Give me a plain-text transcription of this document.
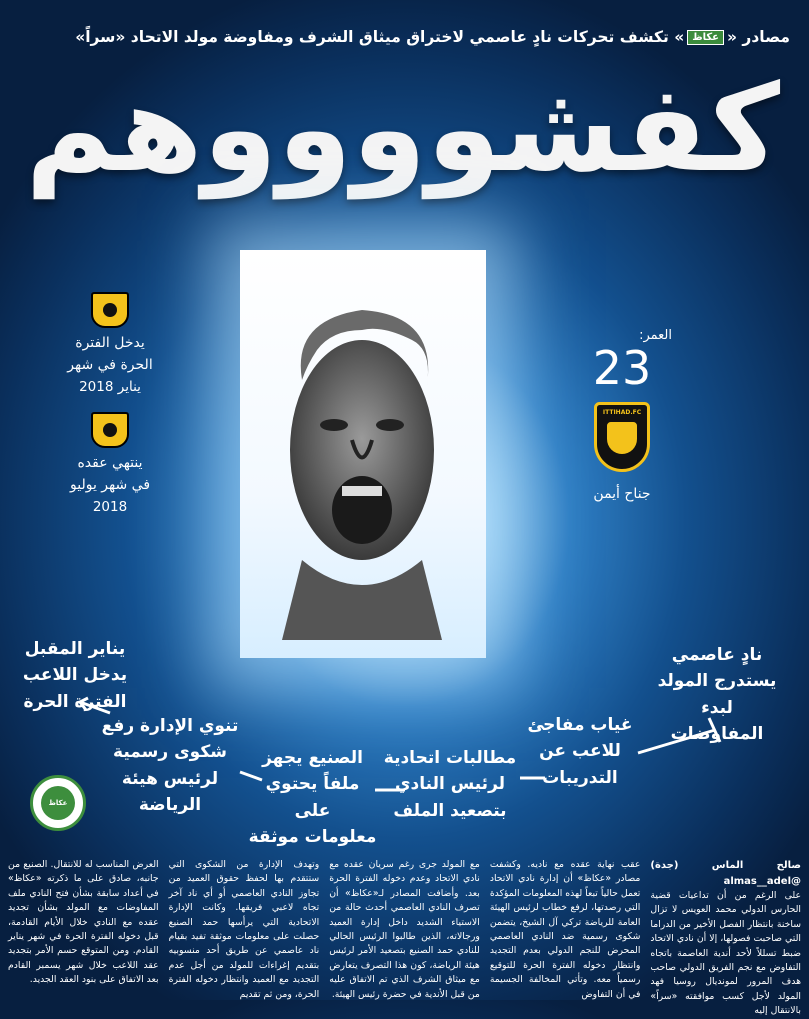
مصادر «عكاظ» تكشف تحركات نادٍ عاصمي لاختراق ميثاق الشرف ومفاوضة مولد الاتحاد «سراً»
كفشووووهم
يدخل الفترة
الحرة في شهر
يناير 2018
ينتهي عقده
في شهر يوليو
2018
العمر:
23
ITTIHAD.FC
جناح أيمن
نادٍ عاصمي
يستدرج المولد
لبدء المفاوضات
غياب مفاجئ
للاعب عن
التدريبات
مطالبات اتحادية
لرئيس النادي
بتصعيد الملف
الصنيع يجهز
ملفاً يحتوي على
معلومات موثقة
تنوي الإدارة رفع
شكوى رسمية
لرئيس هيئة الرياضة
يناير المقبل
يدخل اللاعب
الفترة الحرة
عكاظ
صالح الماس (جدة) @almas__adel
على الرغم من أن تداعيات قضية الحارس الدولي محمد العويس لا تزال ساخنة بانتظار الفصل الأخير من الدراما التي صاحبت فصولها، إلا أن نادي الاتحاد ضبط تسللاً لأحد أندية العاصمة باتجاه التفاوض مع نجم الفريق الدولي صاحب هدف المرور لمونديال روسيا فهد المولد لأجل كسب موافقته «سراً» بالانتقال إليه
عقب نهاية عقده مع ناديه. وكشفت مصادر «عكاظ» أن إدارة نادي الاتحاد تعمل حالياً تبعاً لهذه المعلومات المؤكدة التي رصدتها، لرفع خطاب لرئيس الهيئة العامة للرياضة تركي آل الشيخ، يتضمن شكوى رسمية ضد النادي العاصمي المحرض للنجم الدولي بعدم التجديد وانتظار دخوله الفترة الحرة للتوقيع رسمياً معه. وتأتي المخالفة الجسيمة في أن التفاوض
مع المولد جرى رغم سريان عقده مع نادي الاتحاد وعدم دخوله الفترة الحرة بعد. وأضافت المصادر لـ«عكاظ» أن تصرف النادي العاصمي أحدث حالة من الاستياء الشديد داخل إدارة العميد ورجالاته، الذين طالبوا الرئيس الحالي للنادي حمد الصنيع بتصعيد الأمر لرئيس هيئة الرياضة، كون هذا التصرف يتعارض مع ميثاق الشرف الذي تم الاتفاق عليه من قبل الأندية في حضرة رئيس الهيئة.
وتهدف الإدارة من الشكوى التي ستتقدم بها لحفظ حقوق العميد من تجاوز النادي العاصمي أو أي ناد آخر تجاه لاعبي فريقها. وكانت الإدارة الاتحادية التي يرأسها حمد الصنيع حصلت على معلومات موثقة تفيد بقيام ناد عاصمي عن طريق أحد منسوبيه بتقديم إغراءات للمولد من أجل عدم التجديد مع العميد وانتظار دخوله الفترة الحرة، ومن ثم تقديم
العرض المناسب له للانتقال. الصنيع من جانبه، صادق على ما ذكرته «عكاظ» في أعداد سابقة بشأن فتح النادي ملف المفاوضات مع المولد بشأن تجديد عقده مع النادي خلال الأيام القادمة، قبل دخوله الفترة الحرة في شهر يناير القادم. ومن المتوقع حسم الأمر بتجديد عقد اللاعب خلال شهر يسمبر القادم بعد الاتفاق على بنود العقد الجديد.
